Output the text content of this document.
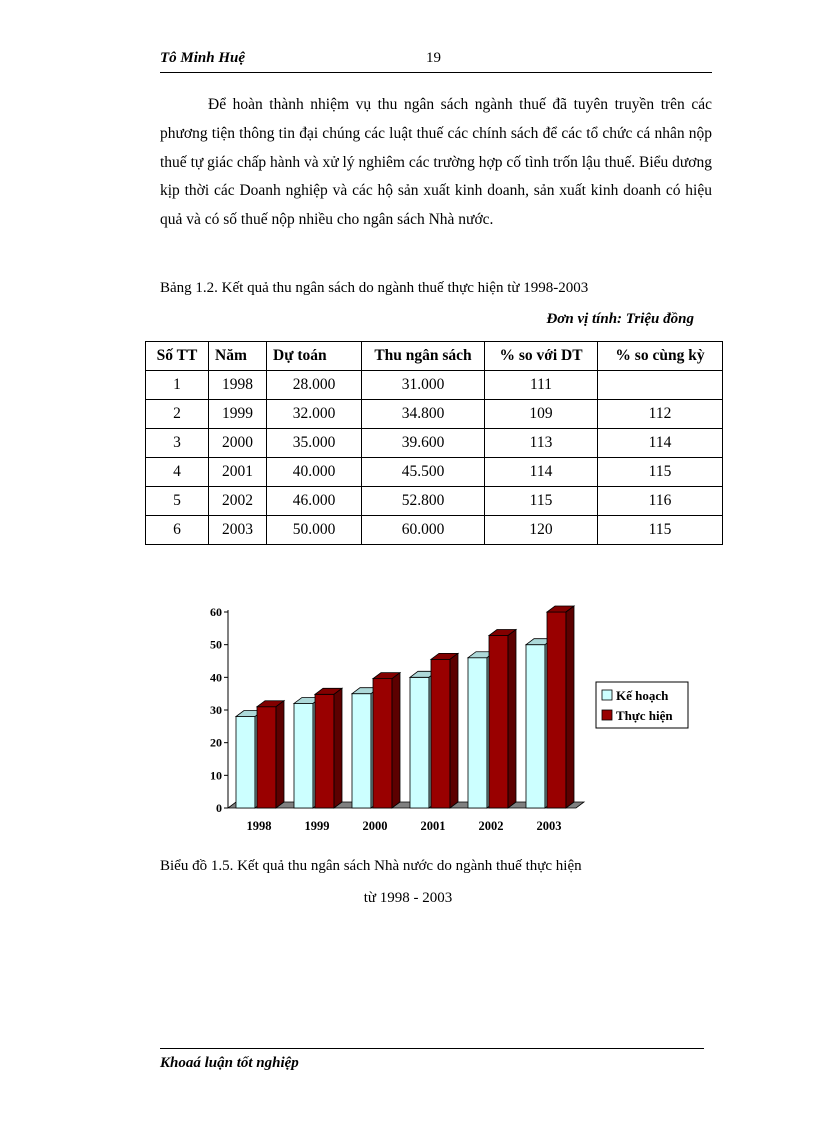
Tô Minh Huệ	19
Để hoàn thành nhiệm vụ thu ngân sách ngành thuế đã tuyên truyền trên các phương tiện thông tin đại chúng các luật thuế các chính sách để các tổ chức cá nhân nộp thuế tự giác chấp hành và xử lý nghiêm các trường hợp cố tình trốn lậu thuế. Biểu dương kịp thời các Doanh nghiệp và các hộ sản xuất kinh doanh, sản xuất kinh doanh có hiệu quả và có số thuế nộp nhiều cho ngân sách Nhà nước.
Bảng 1.2. Kết quả thu ngân sách do ngành thuế thực hiện từ 1998-2003
Đơn vị tính: Triệu đồng
Số TT	Năm	Dự toán	Thu ngân sách	% so với DT	% so cùng kỳ
1	1998	28.000	31.000	111	
2	1999	32.000	34.800	109	112
3	2000	35.000	39.600	113	114
4	2001	40.000	45.500	114	115
5	2002	46.000	52.800	115	116
6	2003	50.000	60.000	120	115
0
10
20
30
40
50
60
1998	1999	2000	2001	2002	2003
Kế hoạch
Thực hiện
Biểu đồ 1.5. Kết quả thu ngân sách Nhà nước do ngành thuế thực hiện
từ 1998 - 2003
Khoaá luận tốt nghiệp
